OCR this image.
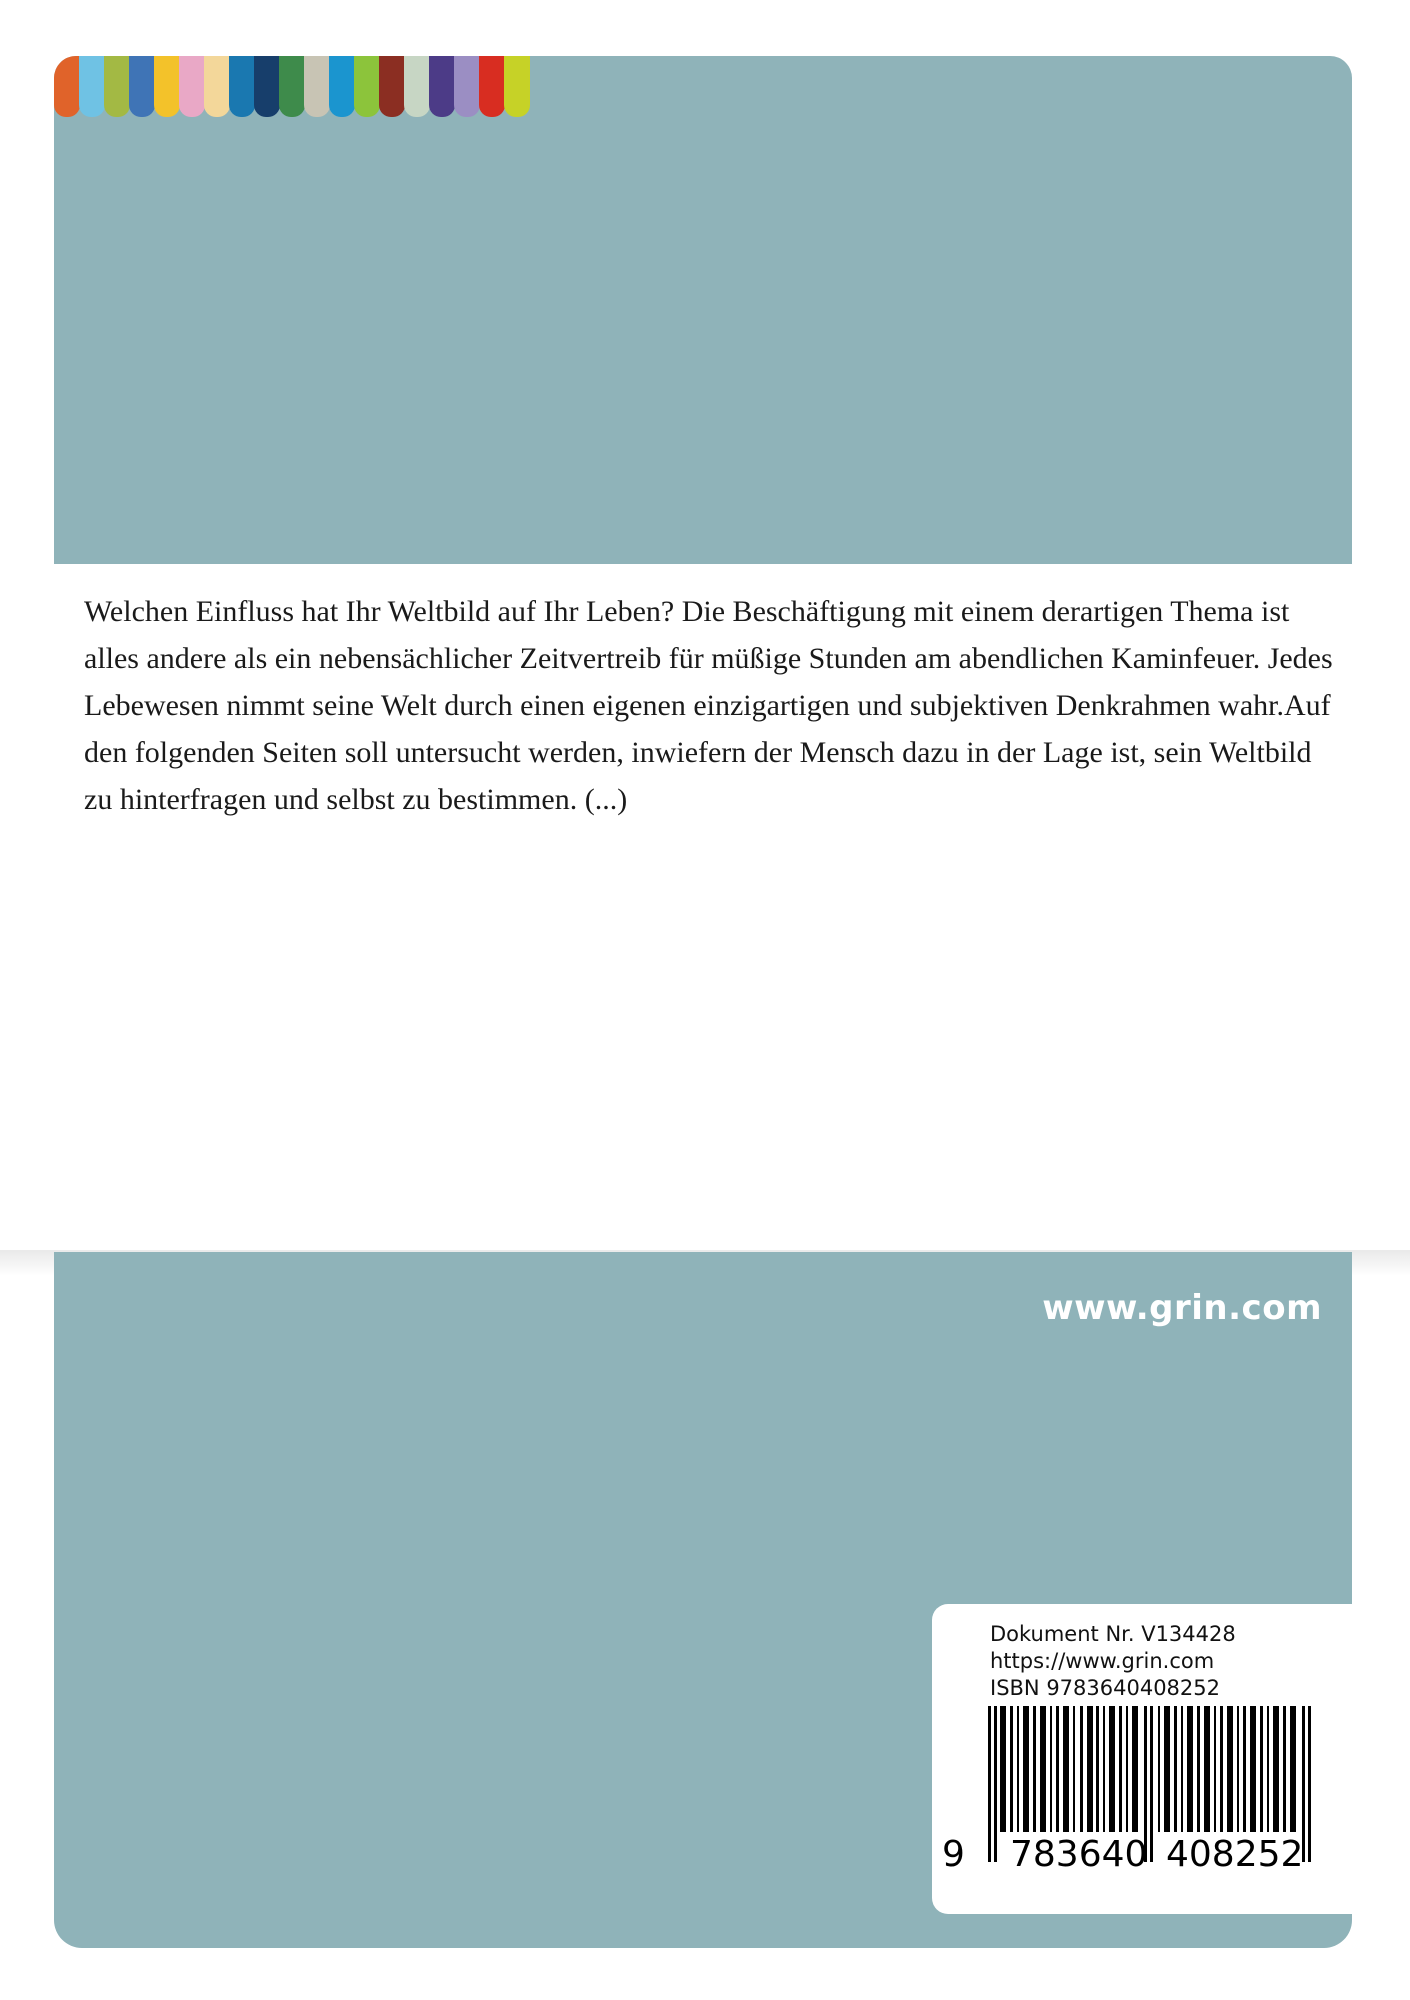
Welchen Einfluss hat Ihr Weltbild auf Ihr Leben? Die Beschäftigung mit einem derartigen Thema ist alles andere als ein nebensächlicher Zeitvertreib für müßige Stunden am abendlichen Kaminfeuer. Jedes Lebewesen nimmt seine Welt durch einen eigenen einzigartigen und subjektiven Denkrahmen wahr.Auf den folgenden Seiten soll untersucht werden, inwiefern der Mensch dazu in der Lage ist, sein Weltbild zu hinterfragen und selbst zu bestimmen. (...)

www.grin.com
Dokument Nr. V134428
https://www.grin.com
ISBN 9783640408252
9 783640 408252
